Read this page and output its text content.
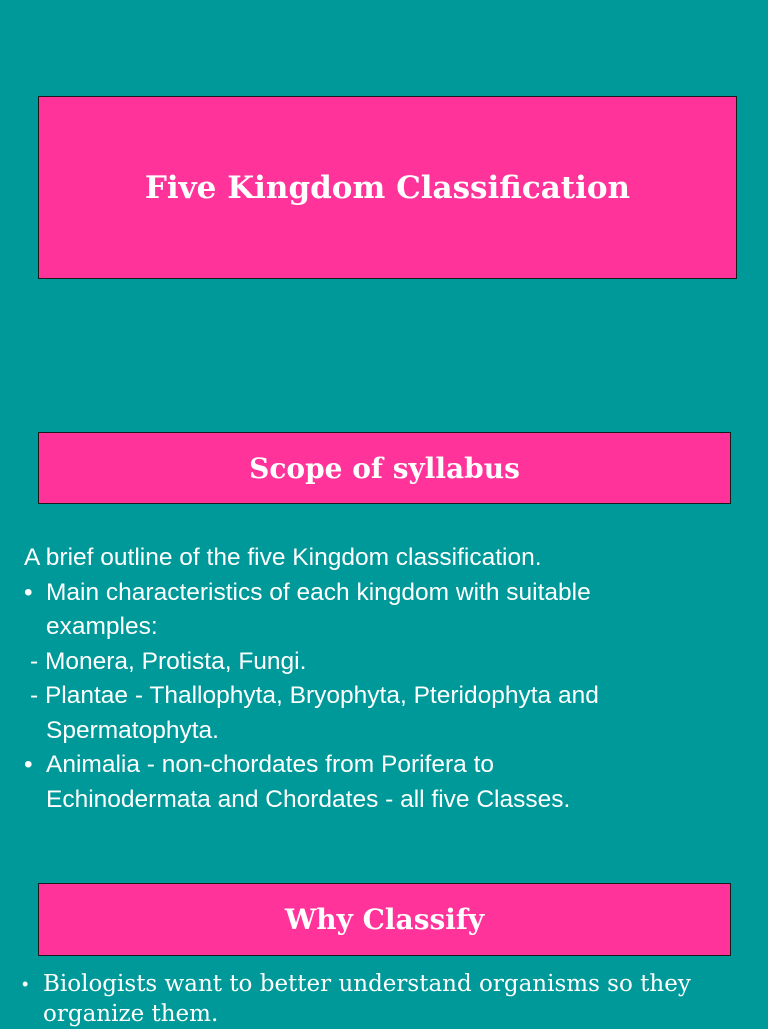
Five Kingdom Classification
Scope of syllabus
A brief outline of the five Kingdom classification.
• Main characteristics of each kingdom with suitable
examples:
- Monera, Protista, Fungi.
- Plantae - Thallophyta, Bryophyta, Pteridophyta and
Spermatophyta.
• Animalia - non-chordates from Porifera to
Echinodermata and Chordates - all five Classes.
Why Classify
• Biologists want to better understand organisms so they
organize them.
